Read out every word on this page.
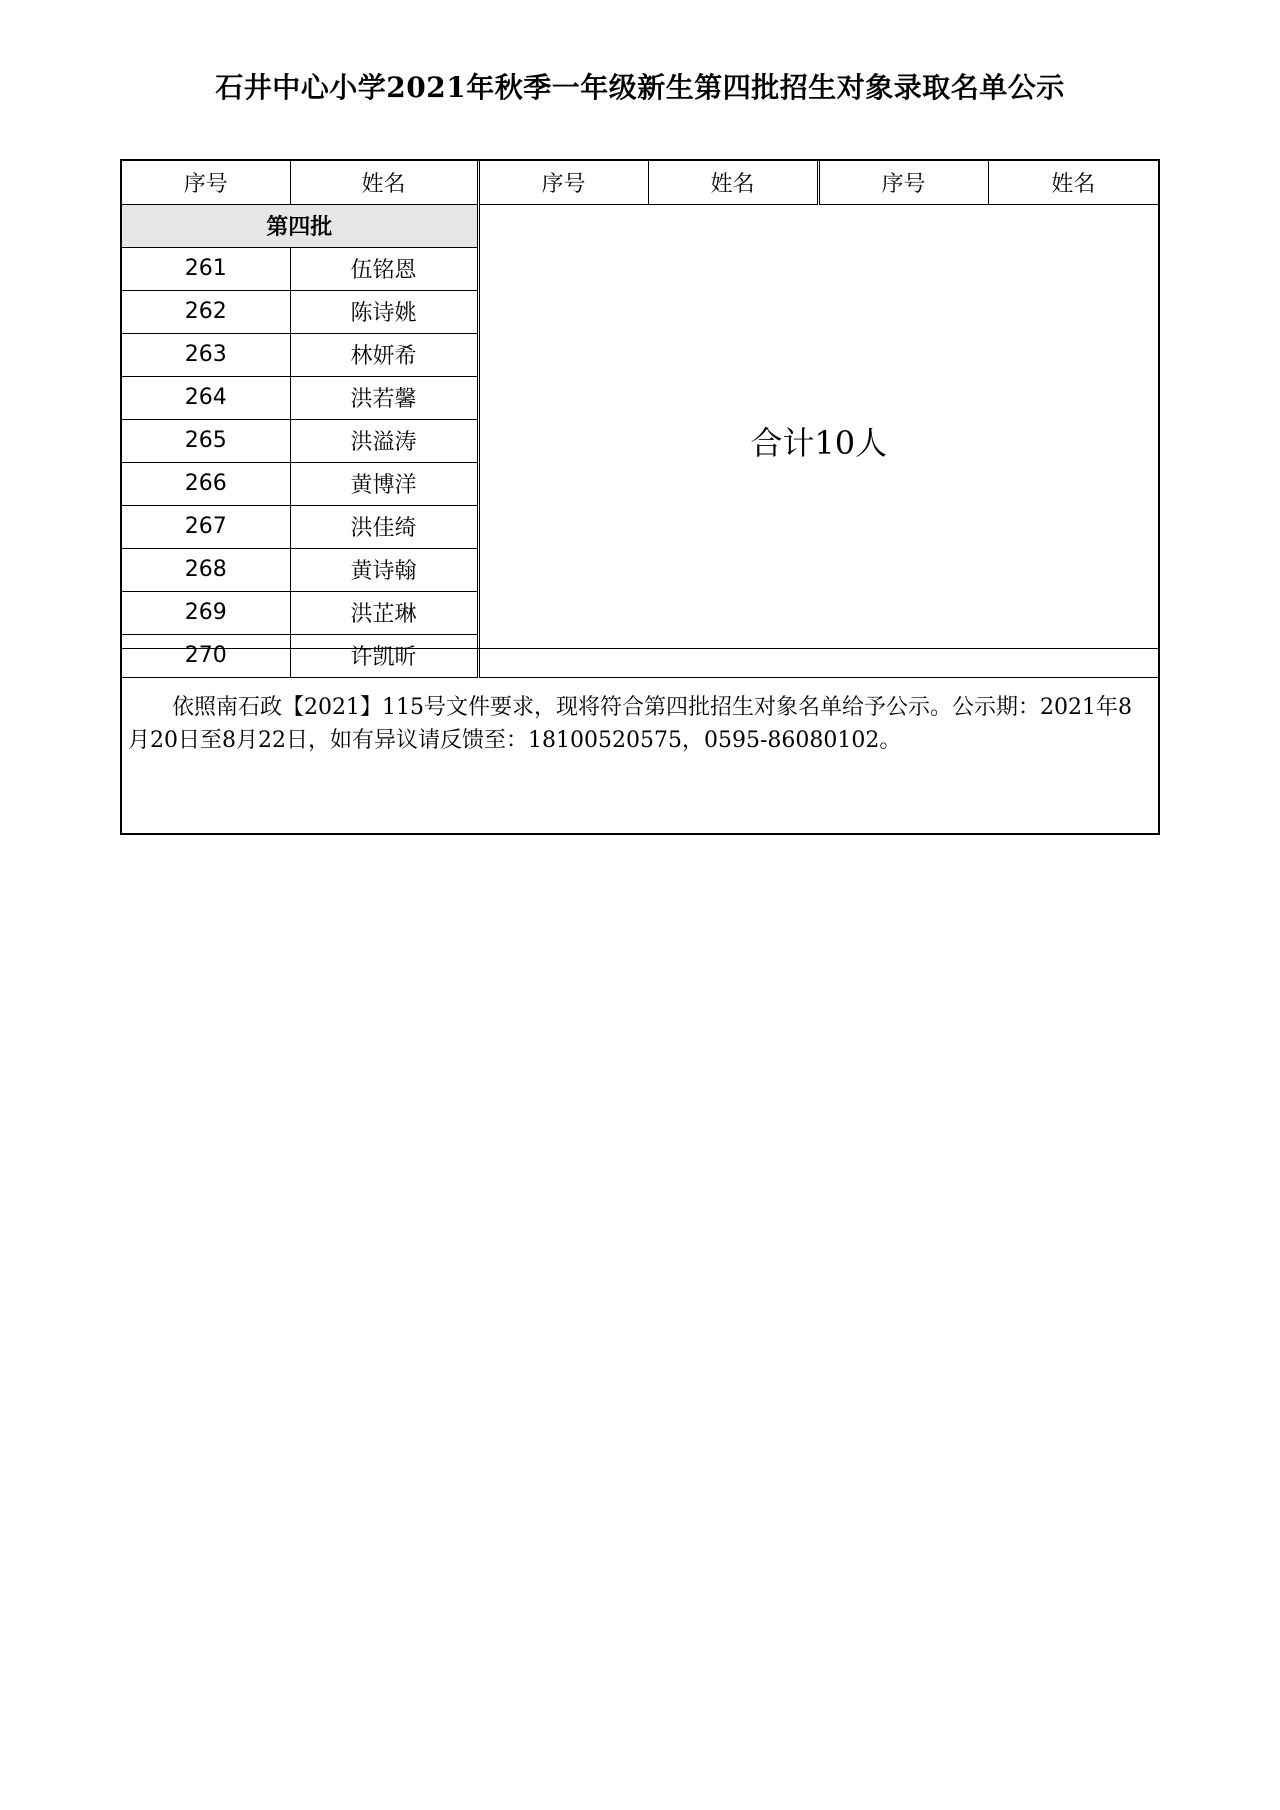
石井中心小学2021年秋季一年级新生第四批招生对象录取名单公示
序号	姓名	序号	姓名	序号	姓名
第四批		合计10人			
261	伍铭恩				
262	陈诗姚				
263	林妍希				
264	洪若馨				
265	洪溢涛				
266	黄博洋				
267	洪佳绮				
268	黄诗翰				
269	洪芷琳				
270	许凯昕				
依照南石政【2021】115号文件要求，现将符合第四批招生对象名单给予公示。公示期：2021年8月20日至8月22日，如有异议请反馈至：18100520575，0595-86080102。
